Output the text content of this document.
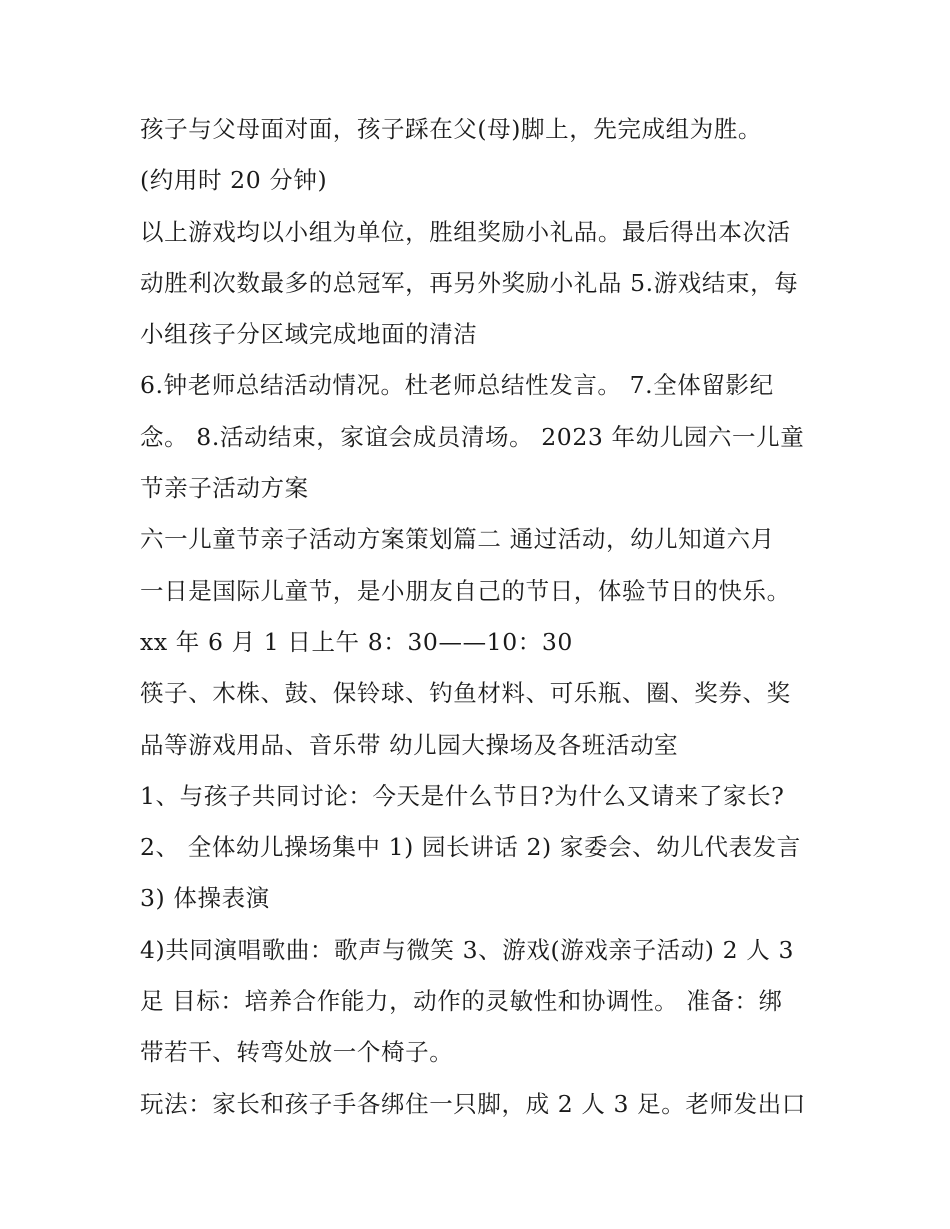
孩子与父母面对面，孩子踩在父(母)脚上，先完成组为胜。

(约用时 20 分钟)

以上游戏均以小组为单位，胜组奖励小礼品。最后得出本次活

动胜利次数最多的总冠军，再另外奖励小礼品 5.游戏结束，每

小组孩子分区域完成地面的清洁

6.钟老师总结活动情况。杜老师总结性发言。 7.全体留影纪

念。 8.活动结束，家谊会成员清场。 2023 年幼儿园六一儿童

节亲子活动方案

六一儿童节亲子活动方案策划篇二 通过活动，幼儿知道六月

一日是国际儿童节，是小朋友自己的节日，体验节日的快乐。

xx 年 6 月 1 日上午 8：30——10：30

筷子、木株、鼓、保铃球、钓鱼材料、可乐瓶、圈、奖券、奖

品等游戏用品、音乐带 幼儿园大操场及各班活动室

1、与孩子共同讨论：今天是什么节日?为什么又请来了家长?

2、 全体幼儿操场集中 1) 园长讲话 2) 家委会、幼儿代表发言

3) 体操表演

4)共同演唱歌曲：歌声与微笑 3、游戏(游戏亲子活动) 2 人 3

足 目标：培养合作能力，动作的灵敏性和协调性。 准备：绑

带若干、转弯处放一个椅子。

玩法：家长和孩子手各绑住一只脚，成 2 人 3 足。老师发出口
